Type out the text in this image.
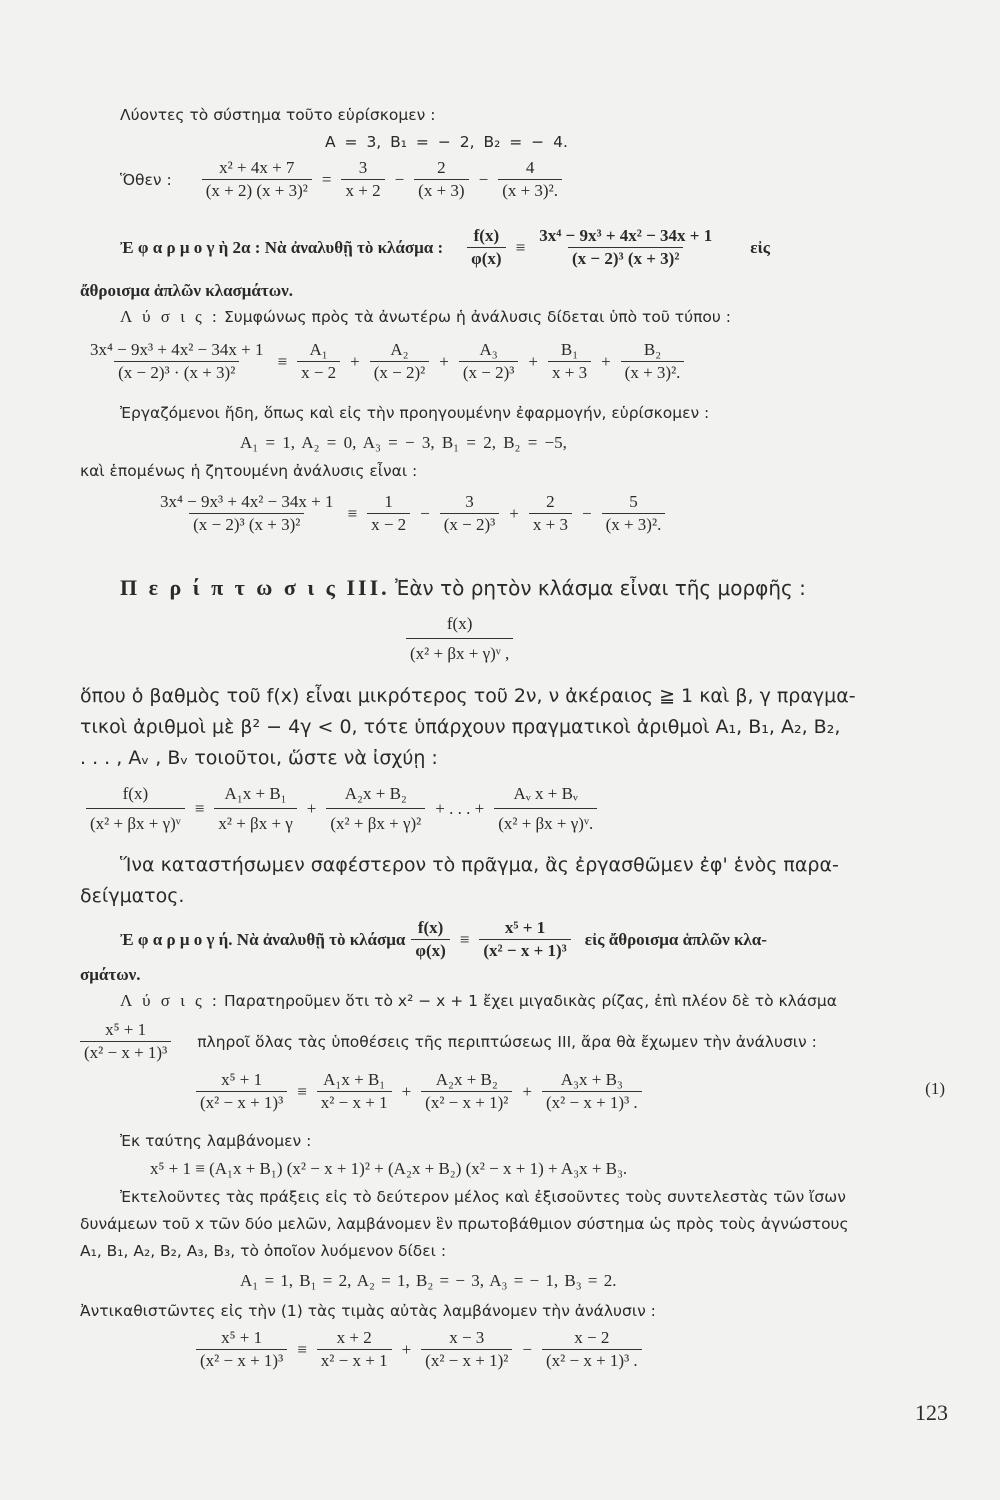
Λύοντες τὸ σύστημα τοῦτο εὑρίσκομεν :
A = 3, B₁ = − 2, B₂ = − 4.
Ὅθεν : $\frac{\text{x² + 4x + 7}}{\text{(x + 2) (x + 3)²}} = \frac{3}{x + 2} - \frac{2}{(x + 3)} - \frac{4}{\text{(x + 3)².}}$
Ἐ φ α ρ μ ο γ ὴ 2α : Νὰ ἀναλυθῇ τὸ κλάσμα : $\frac{f(x)}{\varphi(x)} \equiv \frac{\text{3x⁴ − 9x³ + 4x² − 34x + 1}}{\text{(x − 2)³ (x + 3)²}}$ εἰς
ἄθροισμα ἁπλῶν κλασμάτων.
Λ ύ σ ι ς : Συμφώνως πρὸς τὰ ἀνωτέρω ἡ ἀνάλυσις δίδεται ὑπὸ τοῦ τύπου :
$\frac{\text{3x⁴ − 9x³ + 4x² − 34x + 1}}{\text{(x − 2)³ · (x + 3)²}} \equiv \frac{\text{A₁}}{x - 2} + \frac{\text{A₂}}{\text{(x − 2)²}} + \frac{\text{A₃}}{\text{(x − 2)³}} + \frac{\text{B₁}}{x + 3} + \frac{\text{B₂}}{\text{(x + 3)².}}$
Ἐργαζόμενοι ἤδη, ὅπως καὶ εἰς τὴν προηγουμένην ἐφαρμογήν, εὑρίσκομεν :
A₁ = 1, A₂ = 0, A₃ = − 3, B₁ = 2, B₂ = −5,
καὶ ἑπομένως ἡ ζητουμένη ἀνάλυσις εἶναι :
$\frac{\text{3x⁴ − 9x³ + 4x² − 34x + 1}}{\text{(x − 2)³ (x + 3)²}} \equiv \frac{1}{x - 2} - \frac{3}{\text{(x − 2)³}} + \frac{2}{x + 3} - \frac{5}{\text{(x + 3)².}}$
Π ε ρ ί π τ ω σ ι ς III. Ἐὰν τὸ ρητὸν κλάσμα εἶναι τῆς μορφῆς :
$\frac{f(x)}{\text{(x² + βx + γ)ᵛ ,}}$
ὅπου ὁ βαθμὸς τοῦ f(x) εἶναι μικρότερος τοῦ 2ν, ν ἀκέραιος ≧ 1 καὶ β, γ πραγμα-
τικοὶ ἀριθμοὶ μὲ β² − 4γ < 0, τότε ὑπάρχουν πραγματικοὶ ἀριθμοὶ A₁, B₁, A₂, B₂,
. . . , Aᵥ , Bᵥ τοιοῦτοι, ὥστε νὰ ἰσχύῃ :
$\frac{f(x)}{\text{(x² + βx + γ)ᵛ}} \equiv \frac{\text{A₁x + B₁}}{\text{x² + βx + γ}} + \frac{\text{A₂x + B₂}}{\text{(x² + βx + γ)²}}$ + . . . + $\frac{\text{Aᵥ x + Bᵥ}}{\text{(x² + βx + γ)ᵛ.}}$
Ἵνα καταστήσωμεν σαφέστερον τὸ πρᾶγμα, ἂς ἐργασθῶμεν ἐφ' ἑνὸς παρα-
δείγματος.
Ἐ φ α ρ μ ο γ ή. Νὰ ἀναλυθῇ τὸ κλάσμα $\frac{f(x)}{\varphi(x)} \equiv \frac{\text{x⁵ + 1}}{\text{(x² − x + 1)³}}$ εἰς ἄθροισμα ἁπλῶν κλα-
σμάτων.
Λ ύ σ ι ς : Παρατηροῦμεν ὅτι τὸ x² − x + 1 ἔχει μιγαδικὰς ρίζας, ἐπὶ πλέον δὲ τὸ κλάσμα
$\frac{\text{x⁵ + 1}}{\text{(x² − x + 1)³}}$ πληροῖ ὅλας τὰς ὑποθέσεις τῆς περιπτώσεως III, ἄρα θὰ ἔχωμεν τὴν ἀνάλυσιν :
$\frac{\text{x⁵ + 1}}{\text{(x² − x + 1)³}} \equiv \frac{\text{A₁x + B₁}}{\text{x² − x + 1}} + \frac{\text{A₂x + B₂}}{\text{(x² − x + 1)²}} + \frac{\text{A₃x + B₃}}{\text{(x² − x + 1)³ .}}$	(1)
Ἐκ ταύτης λαμβάνομεν :
x⁵ + 1 ≡ (A₁x + B₁) (x² − x + 1)² + (A₂x + B₂) (x² − x + 1) + A₃x + B₃.
Ἐκτελοῦντες τὰς πράξεις εἰς τὸ δεύτερον μέλος καὶ ἐξισοῦντες τοὺς συντελεστὰς τῶν ἴσων
δυνάμεων τοῦ x τῶν δύο μελῶν, λαμβάνομεν ἓν πρωτοβάθμιον σύστημα ὡς πρὸς τοὺς ἀγνώστους
A₁, B₁, A₂, B₂, A₃, B₃, τὸ ὁποῖον λυόμενον δίδει :
A₁ = 1, B₁ = 2, A₂ = 1, B₂ = − 3, A₃ = − 1, B₃ = 2.
Ἀντικαθιστῶντες εἰς τὴν (1) τὰς τιμὰς αὐτὰς λαμβάνομεν τὴν ἀνάλυσιν :
$\frac{\text{x⁵ + 1}}{\text{(x² − x + 1)³}} \equiv \frac{x + 2}{\text{x² − x + 1}} + \frac{x - 3}{\text{(x² − x + 1)²}} - \frac{x - 2}{\text{(x² − x + 1)³ .}}$
123
